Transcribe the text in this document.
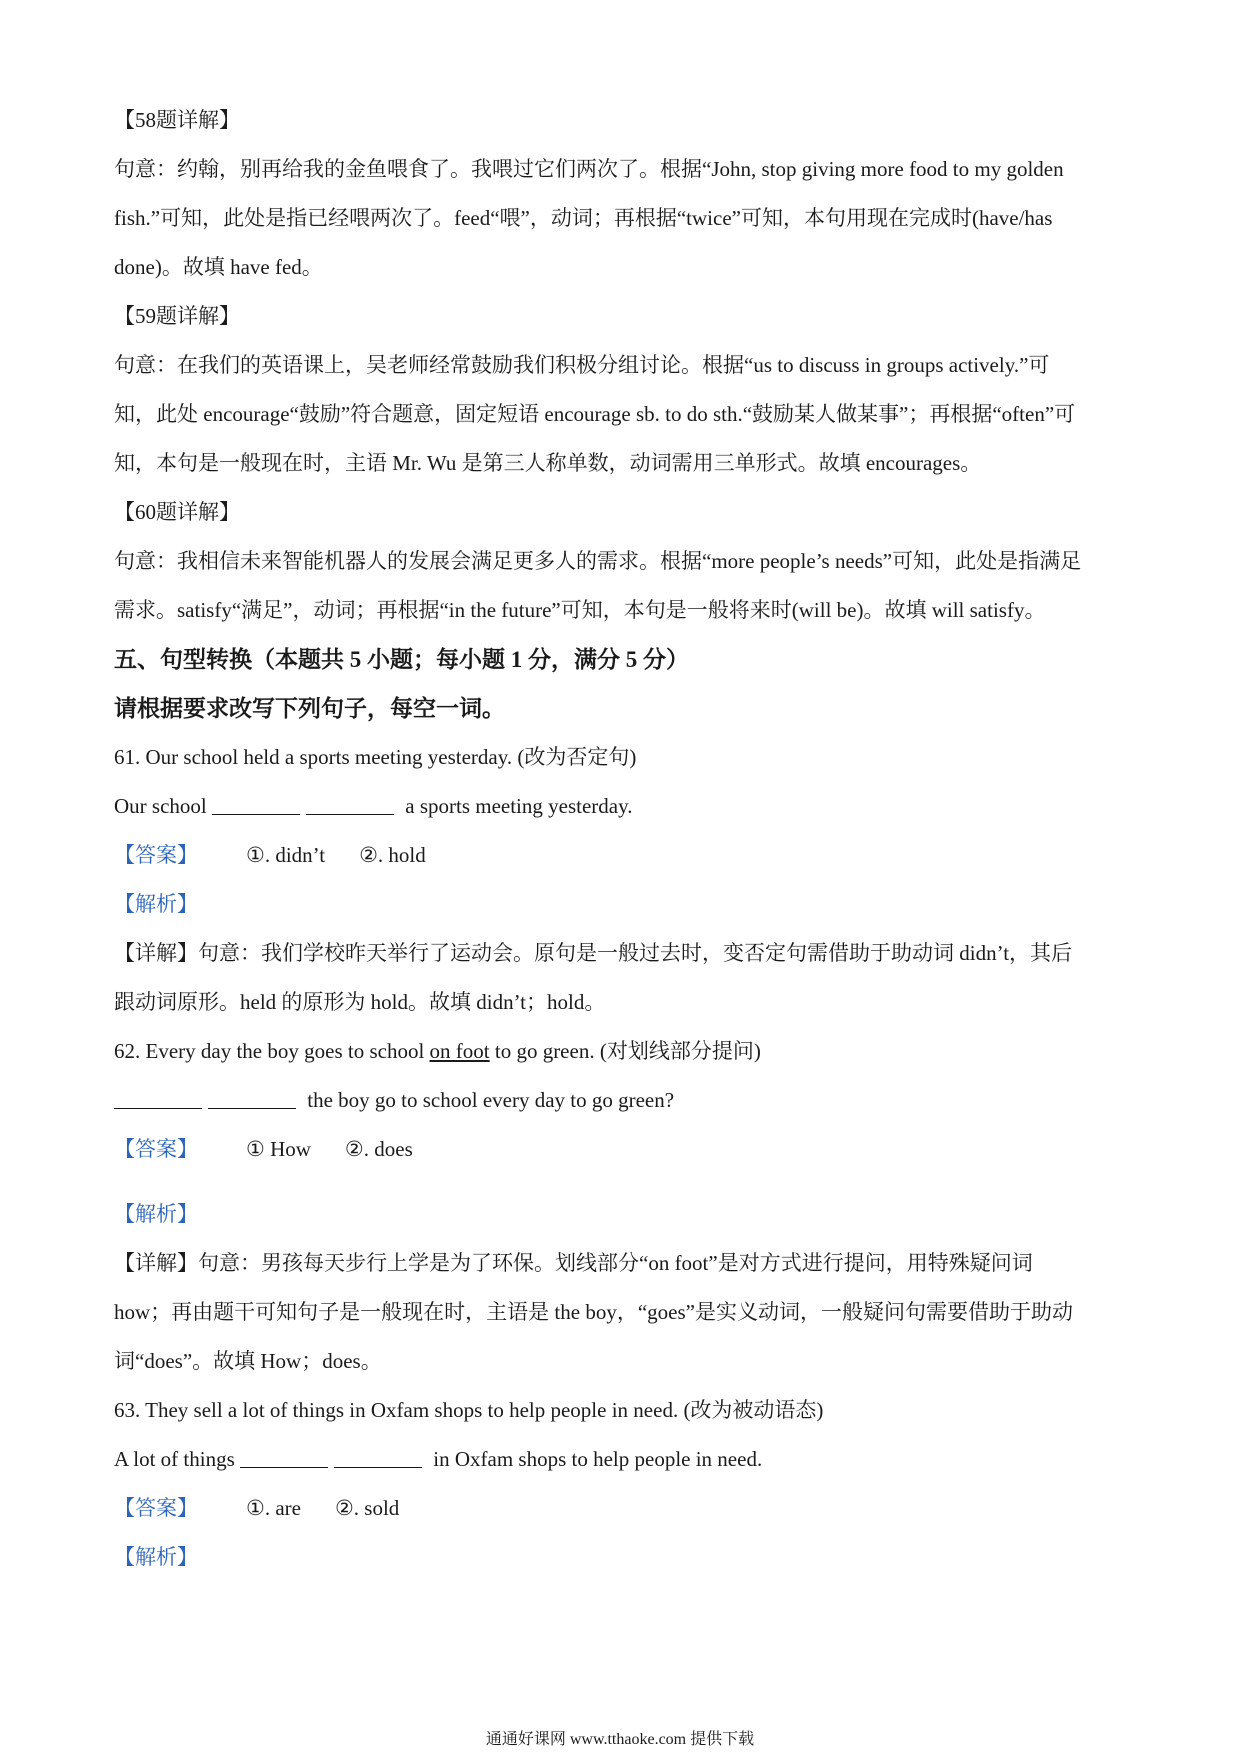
【58题详解】

句意：约翰，别再给我的金鱼喂食了。我喂过它们两次了。根据“John, stop giving more food to my golden

fish.”可知，此处是指已经喂两次了。feed“喂”，动词；再根据“twice”可知，本句用现在完成时(have/has

done)。故填 have fed。

【59题详解】

句意：在我们的英语课上，吴老师经常鼓励我们积极分组讨论。根据“us to discuss in groups actively.”可

知，此处 encourage“鼓励”符合题意，固定短语 encourage sb. to do sth.“鼓励某人做某事”；再根据“often”可

知，本句是一般现在时，主语 Mr. Wu 是第三人称单数，动词需用三单形式。故填 encourages。

【60题详解】

句意：我相信未来智能机器人的发展会满足更多人的需求。根据“more people’s needs”可知，此处是指满足

需求。satisfy“满足”，动词；再根据“in the future”可知，本句是一般将来时(will be)。故填 will satisfy。

五、句型转换（本题共 5 小题；每小题 1 分，满分 5 分）

请根据要求改写下列句子，每空一词。

61. Our school held a sports meeting yesterday. (改为否定句)

Our school	a sports meeting yesterday.

【答案】 ①. didn’t ②. hold

【解析】

【详解】句意：我们学校昨天举行了运动会。原句是一般过去时，变否定句需借助于助动词 didn’t，其后

跟动词原形。held 的原形为 hold。故填 didn’t；hold。

62. Every day the boy goes to school on foot to go green. (对划线部分提问)

the boy go to school every day to go green?

【答案】 ① How ②. does

【解析】

【详解】句意：男孩每天步行上学是为了环保。划线部分“on foot”是对方式进行提问，用特殊疑问词

how；再由题干可知句子是一般现在时，主语是 the boy，“goes”是实义动词，一般疑问句需要借助于助动

词“does”。故填 How；does。

63. They sell a lot of things in Oxfam shops to help people in need. (改为被动语态)

A lot of things	in Oxfam shops to help people in need.

【答案】 ①. are ②. sold

【解析】

通通好课网 www.tthaoke.com 提供下载
